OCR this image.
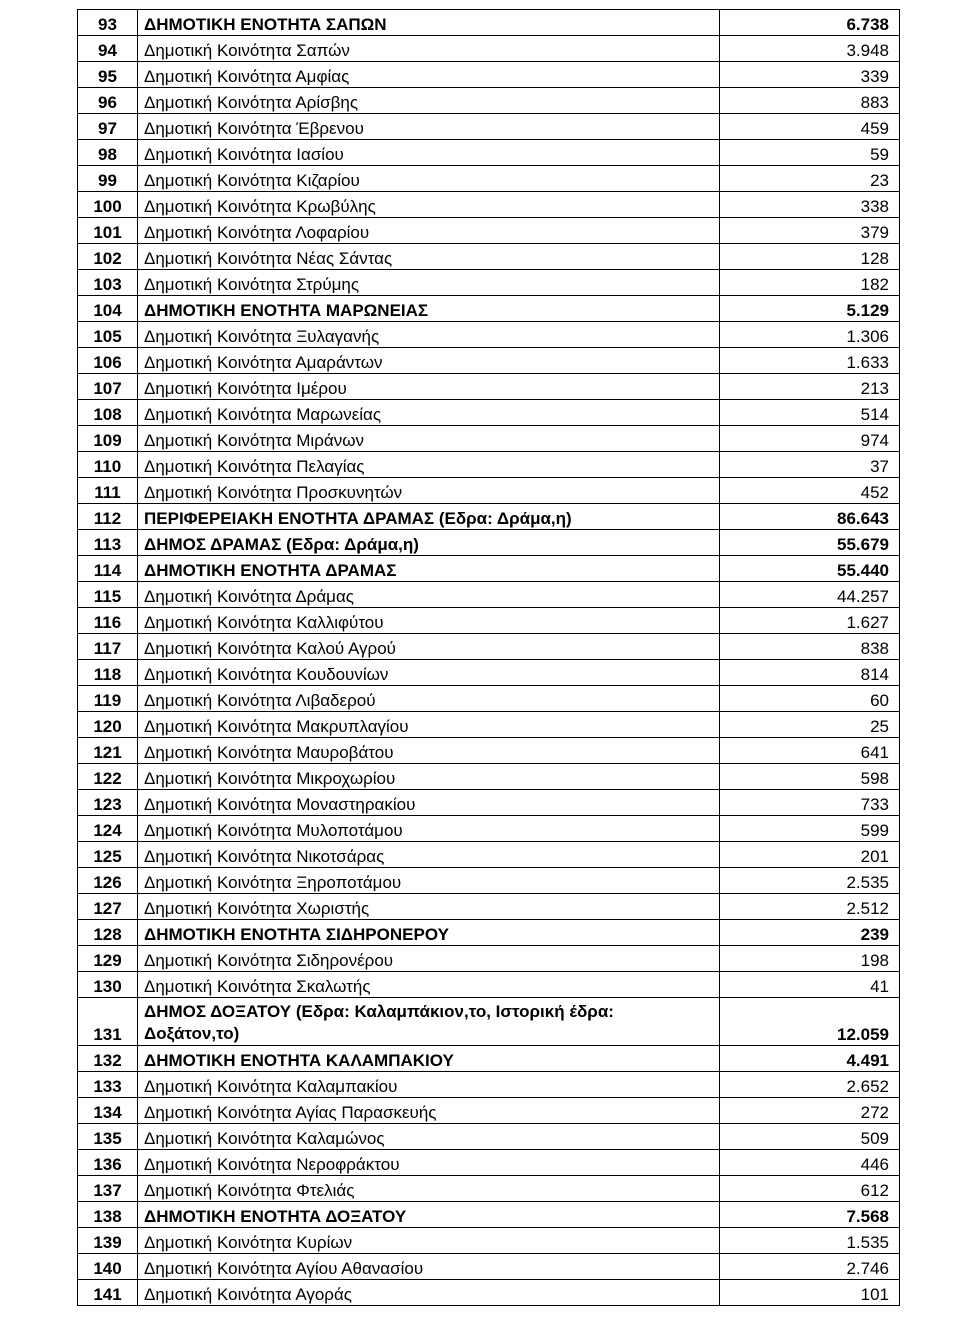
93	ΔΗΜΟΤΙΚΗ ΕΝΟΤΗΤΑ ΣΑΠΩΝ	6.738
94	Δημοτική Κοινότητα Σαπών	3.948
95	Δημοτική Κοινότητα Αμφίας	339
96	Δημοτική Κοινότητα Αρίσβης	883
97	Δημοτική Κοινότητα Έβρενου	459
98	Δημοτική Κοινότητα Ιασίου	59
99	Δημοτική Κοινότητα Κιζαρίου	23
100	Δημοτική Κοινότητα Κρωβύλης	338
101	Δημοτική Κοινότητα Λοφαρίου	379
102	Δημοτική Κοινότητα Νέας Σάντας	128
103	Δημοτική Κοινότητα Στρύμης	182
104	ΔΗΜΟΤΙΚΗ ΕΝΟΤΗΤΑ ΜΑΡΩΝΕΙΑΣ	5.129
105	Δημοτική Κοινότητα Ξυλαγανής	1.306
106	Δημοτική Κοινότητα Αμαράντων	1.633
107	Δημοτική Κοινότητα Ιμέρου	213
108	Δημοτική Κοινότητα Μαρωνείας	514
109	Δημοτική Κοινότητα Μιράνων	974
110	Δημοτική Κοινότητα Πελαγίας	37
111	Δημοτική Κοινότητα Προσκυνητών	452
112	ΠΕΡΙΦΕΡΕΙΑΚΗ ΕΝΟΤΗΤΑ ΔΡΑΜΑΣ (Εδρα: Δράμα,η)	86.643
113	ΔΗΜΟΣ ΔΡΑΜΑΣ (Εδρα: Δράμα,η)	55.679
114	ΔΗΜΟΤΙΚΗ ΕΝΟΤΗΤΑ ΔΡΑΜΑΣ	55.440
115	Δημοτική Κοινότητα Δράμας	44.257
116	Δημοτική Κοινότητα Καλλιφύτου	1.627
117	Δημοτική Κοινότητα Καλού Αγρού	838
118	Δημοτική Κοινότητα Κουδουνίων	814
119	Δημοτική Κοινότητα Λιβαδερού	60
120	Δημοτική Κοινότητα Μακρυπλαγίου	25
121	Δημοτική Κοινότητα Μαυροβάτου	641
122	Δημοτική Κοινότητα Μικροχωρίου	598
123	Δημοτική Κοινότητα Μοναστηρακίου	733
124	Δημοτική Κοινότητα Μυλοποτάμου	599
125	Δημοτική Κοινότητα Νικοτσάρας	201
126	Δημοτική Κοινότητα Ξηροποτάμου	2.535
127	Δημοτική Κοινότητα Χωριστής	2.512
128	ΔΗΜΟΤΙΚΗ ΕΝΟΤΗΤΑ ΣΙΔΗΡΟΝΕΡΟΥ	239
129	Δημοτική Κοινότητα Σιδηρονέρου	198
130	Δημοτική Κοινότητα Σκαλωτής	41
131	ΔΗΜΟΣ ΔΟΞΑΤΟΥ (Εδρα: Καλαμπάκιον,το, Ιστορική έδρα: Δοξάτον,το)	12.059
132	ΔΗΜΟΤΙΚΗ ΕΝΟΤΗΤΑ ΚΑΛΑΜΠΑΚΙΟΥ	4.491
133	Δημοτική Κοινότητα Καλαμπακίου	2.652
134	Δημοτική Κοινότητα Αγίας Παρασκευής	272
135	Δημοτική Κοινότητα Καλαμώνος	509
136	Δημοτική Κοινότητα Νεροφράκτου	446
137	Δημοτική Κοινότητα Φτελιάς	612
138	ΔΗΜΟΤΙΚΗ ΕΝΟΤΗΤΑ ΔΟΞΑΤΟΥ	7.568
139	Δημοτική Κοινότητα Κυρίων	1.535
140	Δημοτική Κοινότητα Αγίου Αθανασίου	2.746
141	Δημοτική Κοινότητα Αγοράς	101
